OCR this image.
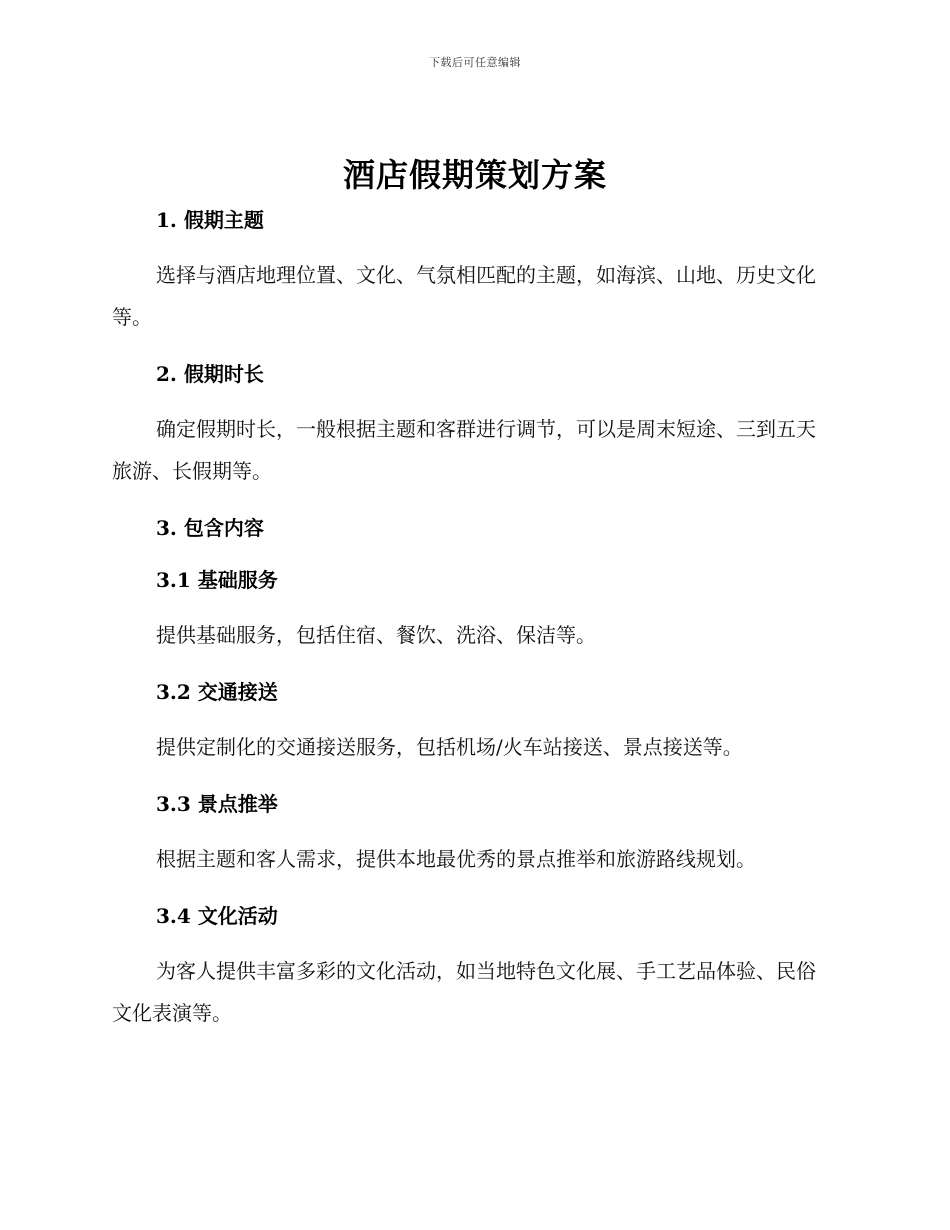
下载后可任意编辑
酒店假期策划方案

1. 假期主题

选择与酒店地理位置、文化、气氛相匹配的主题，如海滨、山地、历史文化等。

2. 假期时长

确定假期时长，一般根据主题和客群进行调节，可以是周末短途、三到五天旅游、长假期等。

3. 包含内容

3.1 基础服务

提供基础服务，包括住宿、餐饮、洗浴、保洁等。

3.2 交通接送

提供定制化的交通接送服务，包括机场/火车站接送、景点接送等。

3.3 景点推举

根据主题和客人需求，提供本地最优秀的景点推举和旅游路线规划。

3.4 文化活动

为客人提供丰富多彩的文化活动，如当地特色文化展、手工艺品体验、民俗文化表演等。
